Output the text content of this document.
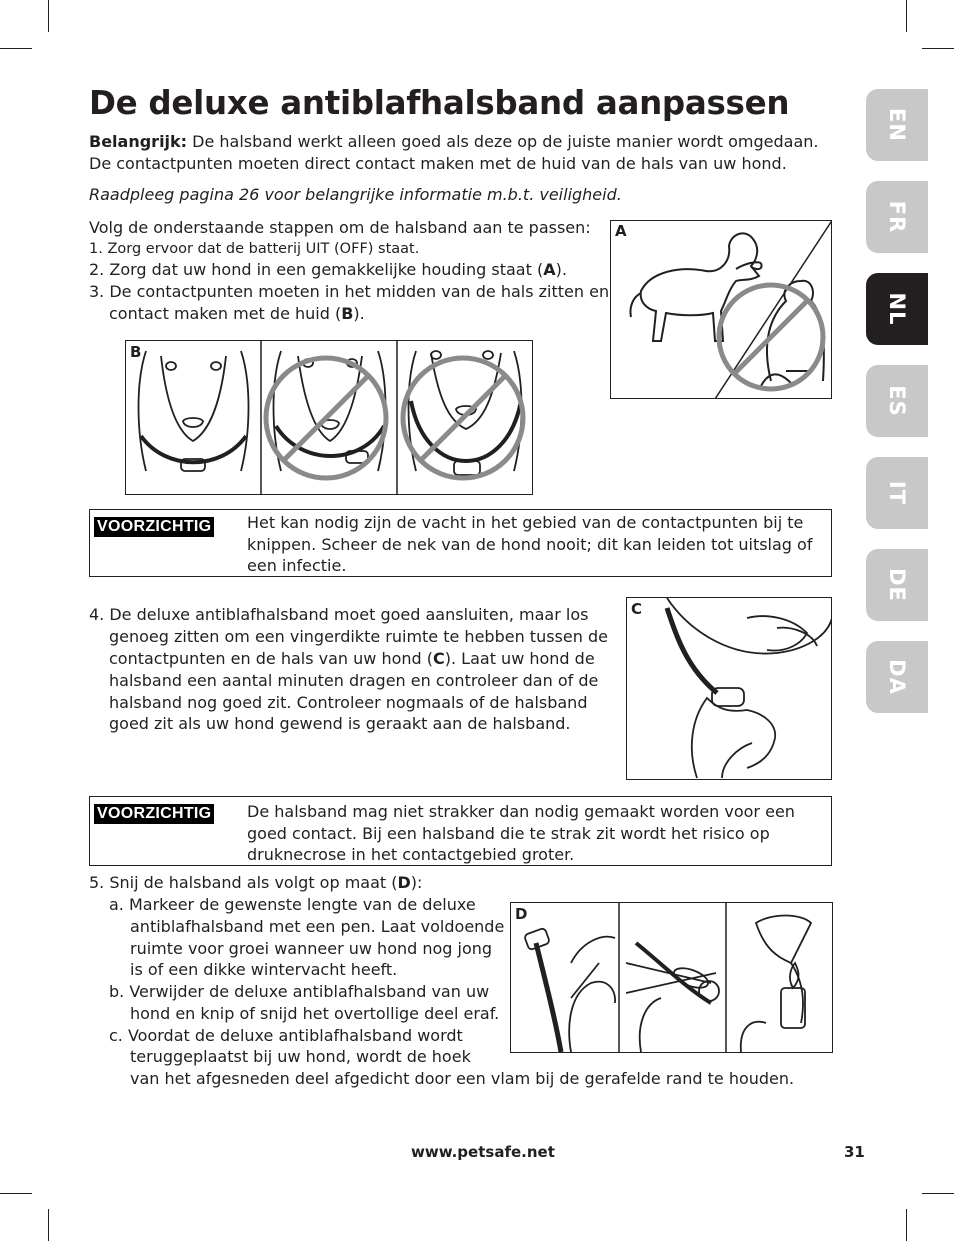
De deluxe antiblafhalsband aanpassen
Belangrijk: De halsband werkt alleen goed als deze op de juiste manier wordt omgedaan.
De contactpunten moeten direct contact maken met de huid van de hals van uw hond.
Raadpleeg pagina 26 voor belangrijke informatie m.b.t. veiligheid.
Volg de onderstaande stappen om de halsband aan te passen:
1. Zorg ervoor dat de batterij UIT (OFF) staat.
2. Zorg dat uw hond in een gemakkelijke houding staat (A).
3. De contactpunten moeten in het midden van de hals zitten en
contact maken met de huid (B).
A
B
VOORZICHTIG Het kan nodig zijn de vacht in het gebied van de contactpunten bij te
knippen. Scheer de nek van de hond nooit; dit kan leiden tot uitslag of
een infectie.
4. De deluxe antiblafhalsband moet goed aansluiten, maar los
genoeg zitten om een vingerdikte ruimte te hebben tussen de
contactpunten en de hals van uw hond (C). Laat uw hond de
halsband een aantal minuten dragen en controleer dan of de
halsband nog goed zit. Controleer nogmaals of de halsband
goed zit als uw hond gewend is geraakt aan de halsband.
C
VOORZICHTIG De halsband mag niet strakker dan nodig gemaakt worden voor een
goed contact. Bij een halsband die te strak zit wordt het risico op
druknecrose in het contactgebied groter.
5. Snij de halsband als volgt op maat (D):
a. Markeer de gewenste lengte van de deluxe
antiblafhalsband met een pen. Laat voldoende
ruimte voor groei wanneer uw hond nog jong
is of een dikke wintervacht heeft.
b. Verwijder de deluxe antiblafhalsband van uw
hond en knip of snijd het overtollige deel eraf.
c. Voordat de deluxe antiblafhalsband wordt
teruggeplaatst bij uw hond, wordt de hoek
van het afgesneden deel afgedicht door een vlam bij de gerafelde rand te houden.
D
EN
FR
NL
ES
IT
DE
DA
www.petsafe.net	31
